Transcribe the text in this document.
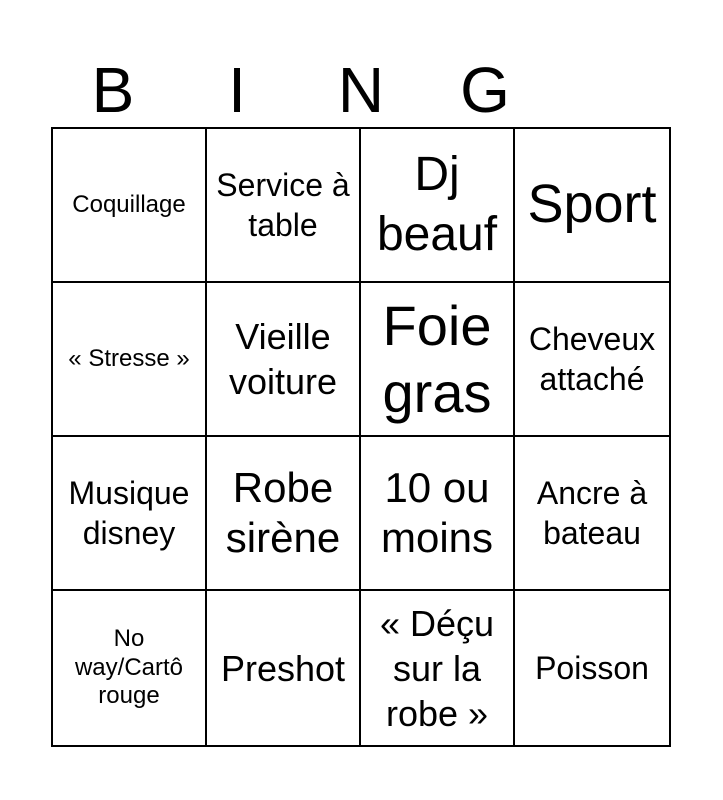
B	I	N	G
Coquillage
Service à table
Dj beauf
Sport
« Stresse »
Vieille voiture
Foie gras
Cheveux attaché
Musique disney
Robe sirène
10 ou moins
Ancre à bateau
No way/Cartô rouge
Preshot
« Déçu sur la robe »
Poisson
